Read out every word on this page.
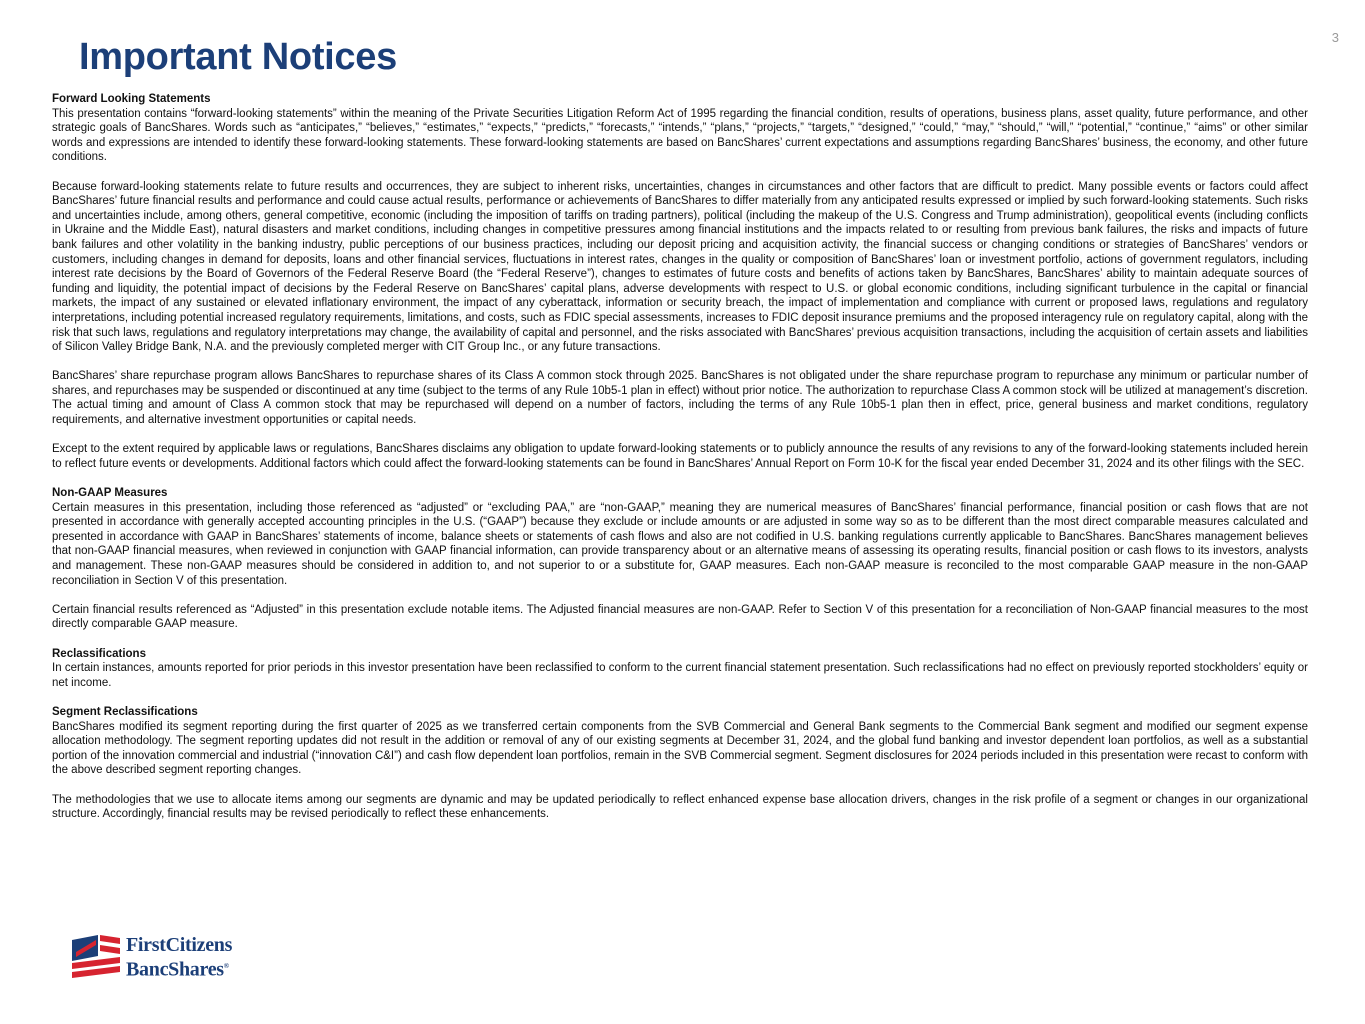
3
Important Notices
Forward Looking Statements

This presentation contains “forward-looking statements” within the meaning of the Private Securities Litigation Reform Act of 1995 regarding the financial condition, results of operations, business plans, asset quality, future performance, and other strategic goals of BancShares. Words such as “anticipates,” “believes,” “estimates,” “expects,” “predicts,” “forecasts,” “intends,” “plans,” “projects,” “targets,” “designed,” “could,” “may,” “should,” “will,” “potential,” “continue,” “aims” or other similar words and expressions are intended to identify these forward-looking statements. These forward-looking statements are based on BancShares’ current expectations and assumptions regarding BancShares’ business, the economy, and other future conditions.

Because forward-looking statements relate to future results and occurrences, they are subject to inherent risks, uncertainties, changes in circumstances and other factors that are difficult to predict. Many possible events or factors could affect BancShares’ future financial results and performance and could cause actual results, performance or achievements of BancShares to differ materially from any anticipated results expressed or implied by such forward-looking statements. Such risks and uncertainties include, among others, general competitive, economic (including the imposition of tariffs on trading partners), political (including the makeup of the U.S. Congress and Trump administration), geopolitical events (including conflicts in Ukraine and the Middle East), natural disasters and market conditions, including changes in competitive pressures among financial institutions and the impacts related to or resulting from previous bank failures, the risks and impacts of future bank failures and other volatility in the banking industry, public perceptions of our business practices, including our deposit pricing and acquisition activity, the financial success or changing conditions or strategies of BancShares’ vendors or customers, including changes in demand for deposits, loans and other financial services, fluctuations in interest rates, changes in the quality or composition of BancShares’ loan or investment portfolio, actions of government regulators, including interest rate decisions by the Board of Governors of the Federal Reserve Board (the “Federal Reserve”), changes to estimates of future costs and benefits of actions taken by BancShares, BancShares’ ability to maintain adequate sources of funding and liquidity, the potential impact of decisions by the Federal Reserve on BancShares’ capital plans, adverse developments with respect to U.S. or global economic conditions, including significant turbulence in the capital or financial markets, the impact of any sustained or elevated inflationary environment, the impact of any cyberattack, information or security breach, the impact of implementation and compliance with current or proposed laws, regulations and regulatory interpretations, including potential increased regulatory requirements, limitations, and costs, such as FDIC special assessments, increases to FDIC deposit insurance premiums and the proposed interagency rule on regulatory capital, along with the risk that such laws, regulations and regulatory interpretations may change, the availability of capital and personnel, and the risks associated with BancShares’ previous acquisition transactions, including the acquisition of certain assets and liabilities of Silicon Valley Bridge Bank, N.A. and the previously completed merger with CIT Group Inc., or any future transactions.

BancShares’ share repurchase program allows BancShares to repurchase shares of its Class A common stock through 2025. BancShares is not obligated under the share repurchase program to repurchase any minimum or particular number of shares, and repurchases may be suspended or discontinued at any time (subject to the terms of any Rule 10b5-1 plan in effect) without prior notice. The authorization to repurchase Class A common stock will be utilized at management’s discretion. The actual timing and amount of Class A common stock that may be repurchased will depend on a number of factors, including the terms of any Rule 10b5-1 plan then in effect, price, general business and market conditions, regulatory requirements, and alternative investment opportunities or capital needs.

Except to the extent required by applicable laws or regulations, BancShares disclaims any obligation to update forward-looking statements or to publicly announce the results of any revisions to any of the forward-looking statements included herein to reflect future events or developments. Additional factors which could affect the forward-looking statements can be found in BancShares’ Annual Report on Form 10-K for the fiscal year ended December 31, 2024 and its other filings with the SEC.

Non-GAAP Measures

Certain measures in this presentation, including those referenced as “adjusted” or “excluding PAA,” are “non-GAAP,” meaning they are numerical measures of BancShares’ financial performance, financial position or cash flows that are not presented in accordance with generally accepted accounting principles in the U.S. (“GAAP”) because they exclude or include amounts or are adjusted in some way so as to be different than the most direct comparable measures calculated and presented in accordance with GAAP in BancShares’ statements of income, balance sheets or statements of cash flows and also are not codified in U.S. banking regulations currently applicable to BancShares. BancShares management believes that non-GAAP financial measures, when reviewed in conjunction with GAAP financial information, can provide transparency about or an alternative means of assessing its operating results, financial position or cash flows to its investors, analysts and management. These non-GAAP measures should be considered in addition to, and not superior to or a substitute for, GAAP measures. Each non-GAAP measure is reconciled to the most comparable GAAP measure in the non-GAAP reconciliation in Section V of this presentation.

Certain financial results referenced as “Adjusted” in this presentation exclude notable items. The Adjusted financial measures are non-GAAP. Refer to Section V of this presentation for a reconciliation of Non-GAAP financial measures to the most directly comparable GAAP measure.

Reclassifications

In certain instances, amounts reported for prior periods in this investor presentation have been reclassified to conform to the current financial statement presentation. Such reclassifications had no effect on previously reported stockholders’ equity or net income.

Segment Reclassifications

BancShares modified its segment reporting during the first quarter of 2025 as we transferred certain components from the SVB Commercial and General Bank segments to the Commercial Bank segment and modified our segment expense allocation methodology. The segment reporting updates did not result in the addition or removal of any of our existing segments at December 31, 2024, and the global fund banking and investor dependent loan portfolios, as well as a substantial portion of the innovation commercial and industrial (“innovation C&I”) and cash flow dependent loan portfolios, remain in the SVB Commercial segment. Segment disclosures for 2024 periods included in this presentation were recast to conform with the above described segment reporting changes.

The methodologies that we use to allocate items among our segments are dynamic and may be updated periodically to reflect enhanced expense base allocation drivers, changes in the risk profile of a segment or changes in our organizational structure. Accordingly, financial results may be revised periodically to reflect these enhancements.

FirstCitizens
BancShares®
